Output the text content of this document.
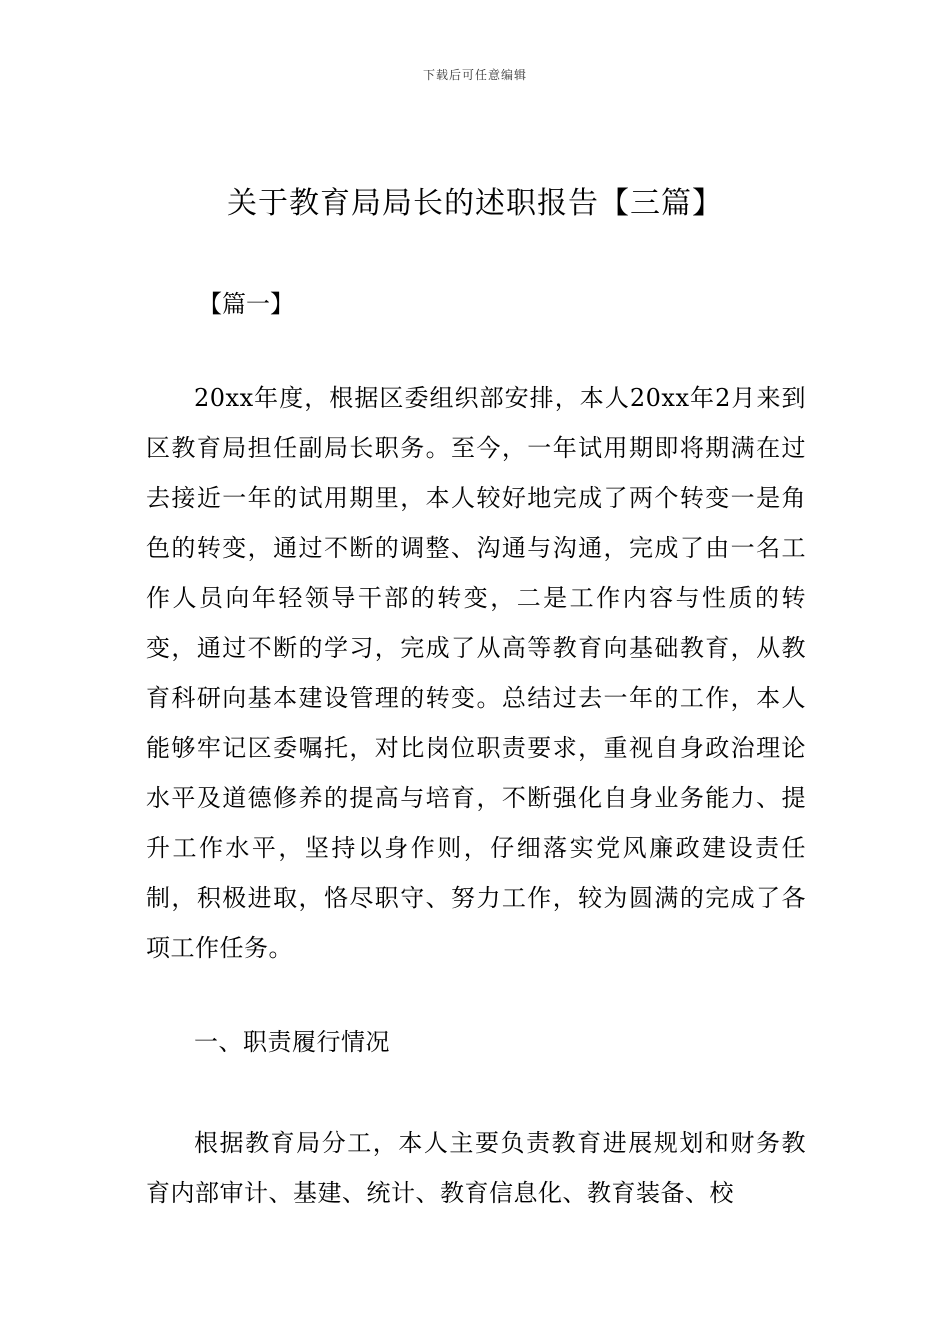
下载后可任意编辑
关于教育局局长的述职报告【三篇】
【篇一】

20xx年度，根据区委组织部安排，本人20xx年2月来到区教育局担任副局长职务。至今，一年试用期即将期满在过去接近一年的试用期里，本人较好地完成了两个转变一是角色的转变，通过不断的调整、沟通与沟通，完成了由一名工作人员向年轻领导干部的转变，二是工作内容与性质的转变，通过不断的学习，完成了从高等教育向基础教育，从教育科研向基本建设管理的转变。总结过去一年的工作，本人能够牢记区委嘱托，对比岗位职责要求，重视自身政治理论水平及道德修养的提高与培育，不断强化自身业务能力、提升工作水平，坚持以身作则，仔细落实党风廉政建设责任制，积极进取，恪尽职守、努力工作，较为圆满的完成了各项工作任务。

一、职责履行情况

根据教育局分工，本人主要负责教育进展规划和财务教育内部审计、基建、统计、教育信息化、教育装备、校
